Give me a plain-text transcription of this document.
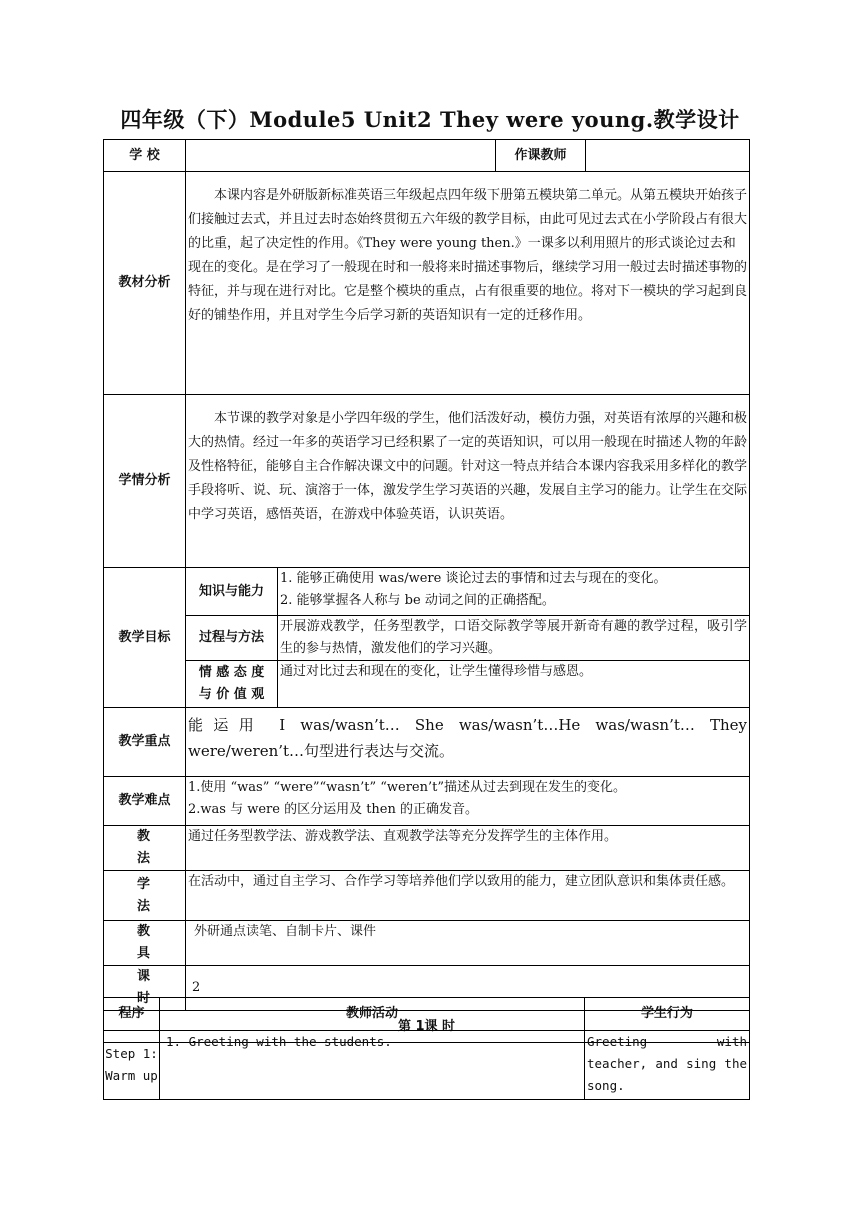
四年级（下）Module5 Unit2 They were young.教学设计
学 校			作课教师	
教材分析	本课内容是外研版新标准英语三年级起点四年级下册第五模块第二单元。从第五模块开始孩子们接触过去式，并且过去时态始终贯彻五六年级的教学目标，由此可见过去式在小学阶段占有很大的比重，起了决定性的作用。《They were young then.》一课多以利用照片的形式谈论过去和现在的变化。是在学习了一般现在时和一般将来时描述事物后，继续学习用一般过去时描述事物的特征，并与现在进行对比。它是整个模块的重点，占有很重要的地位。将对下一模块的学习起到良好的铺垫作用，并且对学生今后学习新的英语知识有一定的迁移作用。			
学情分析	本节课的教学对象是小学四年级的学生，他们活泼好动，模仿力强，对英语有浓厚的兴趣和极大的热情。经过一年多的英语学习已经积累了一定的英语知识，可以用一般现在时描述人物的年龄及性格特征，能够自主合作解决课文中的问题。针对这一特点并结合本课内容我采用多样化的教学手段将听、说、玩、演溶于一体，激发学生学习英语的兴趣，发展自主学习的能力。让学生在交际中学习英语，感悟英语，在游戏中体验英语，认识英语。			
教学目标	知识与能力	1. 能够正确使用 was/were 谈论过去的事情和过去与现在的变化。
2. 能够掌握各人称与 be 动词之间的正确搭配。		

	过程与方法	开展游戏教学，任务型教学，口语交际教学等展开新奇有趣的教学过程，吸引学生的参与热情，激发他们的学习兴趣。		

	情 感 态 度
与 价 值 观	通过对比过去和现在的变化，让学生懂得珍惜与感恩。		
教学重点	能运用 I was/wasn’t… She was/wasn’t…He was/wasn’t… They were/weren’t…句型进行表达与交流。			
教学难点	1.使用 “was” “were”“wasn’t” “weren’t”描述从过去到现在发生的变化。
2.was 与 were 的区分运用及 then 的正确发音。			

教 法	通过任务型教学法、游戏教学法、直观教学法等充分发挥学生的主体作用。			
学 法	在活动中，通过自主学习、合作学习等培养他们学以致用的能力，建立团队意识和集体责任感。			
教 具	外研通点读笔、自制卡片、课件			
课 时	2			
第 1课 时				
程序	教师活动	学生行为

Step 1:
Warm up	1. Greeting with the students.	Greeting with teacher, and sing the song.
